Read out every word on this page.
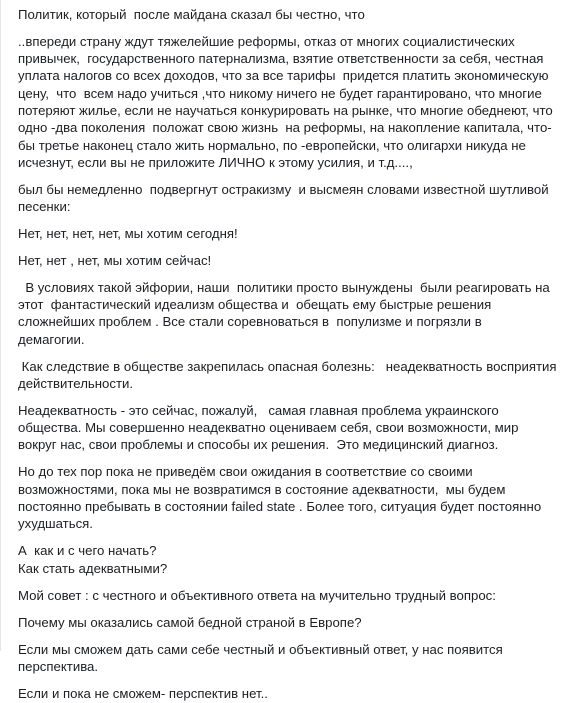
Политик, который  после майдана сказал бы честно, что
..впереди страну ждут тяжелейшие реформы, отказ от многих социалистических
привычек,  государственного патернализма, взятие ответственности за себя, честная
уплата налогов со всех доходов, что за все тарифы  придется платить экономическую
цену,  что  всем надо учиться ,что никому ничего не будет гарантировано, что многие
потеряют жилье, если не научаться конкурировать на рынке, что многие обеднеют, что
одно -два поколения  положат свою жизнь  на реформы, на накопление капитала, что-
бы третье наконец стало жить нормально, по -европейски, что олигархи никуда не
исчезнут, если вы не приложите ЛИЧНО к этому усилия, и т.д....,
был бы немедленно  подвергнут остракизму  и высмеян словами известной шутливой
песенки:
Нет, нет, нет, нет, мы хотим сегодня!
Нет, нет , нет, мы хотим сейчас!
В условиях такой эйфории, наши  политики просто вынуждены  были реагировать на
этот  фантастический идеализм общества и  обещать ему быстрые решения
сложнейших проблем . Все стали соревноваться в  популизме и погрязли в
демагогии.
Как следствие в обществе закрепилась опасная болезнь:   неадекватность восприятия
действительности.
Неадекватность - это сейчас, пожалуй,   самая главная проблема украинского
общества. Мы совершенно неадекватно оцениваем себя, свои возможности, мир
вокруг нас, свои проблемы и способы их решения.  Это медицинский диагноз.
Но до тех пор пока не приведём свои ожидания в соответствие со своими
возможностями, пока мы не возвратимся в состояние адекватности,  мы будем
постоянно пребывать в состоянии failed state . Более того, ситуация будет постоянно
ухудшаться.
А  как и с чего начать?
Как стать адекватными?
Мой совет : с честного и объективного ответа на мучительно трудный вопрос:
Почему мы оказались самой бедной страной в Европе?
Если мы сможем дать сами себе честный и объективный ответ, у нас появится
перспектива.
Если и пока не сможем- перспектив нет..
